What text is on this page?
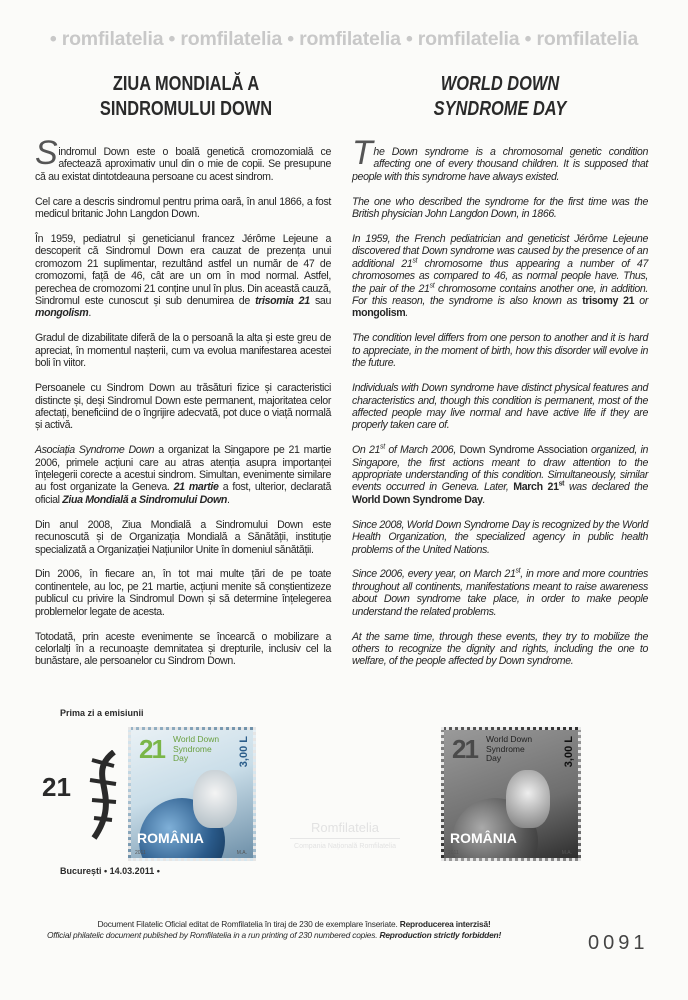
• romfilatelia • romfilatelia • romfilatelia • romfilatelia • romfilatelia
ZIUA MONDIALĂ A
SINDROMULUI DOWN
WORLD DOWN
SYNDROME DAY

Sindromul Down este o boală genetică cromozomială ce afectează aproximativ unul din o mie de copii. Se presupune că au existat dintotdeauna persoane cu acest sindrom.

Cel care a descris sindromul pentru prima oară, în anul 1866, a fost medicul britanic John Langdon Down.

În 1959, pediatrul și geneticianul francez Jérôme Lejeune a descoperit că Sindromul Down era cauzat de prezența unui cromozom 21 suplimentar, rezultând astfel un număr de 47 de cromozomi, față de 46, cât are un om în mod normal. Astfel, perechea de cromozomi 21 conține unul în plus. Din această cauză, Sindromul este cunoscut și sub denumirea de trisomia 21 sau mongolism.

Gradul de dizabilitate diferă de la o persoană la alta și este greu de apreciat, în momentul nașterii, cum va evolua manifestarea acestei boli în viitor.

Persoanele cu Sindrom Down au trăsături fizice și caracteristici distincte și, deși Sindromul Down este permanent, majoritatea celor afectați, beneficiind de o îngrijire adecvată, pot duce o viață normală și activă.

Asociația Syndrome Down a organizat la Singapore pe 21 martie 2006, primele acțiuni care au atras atenția asupra importanței înțelegerii corecte a acestui sindrom. Simultan, evenimente similare au fost organizate la Geneva. 21 martie a fost, ulterior, declarată oficial Ziua Mondială a Sindromului Down.

Din anul 2008, Ziua Mondială a Sindromului Down este recunoscută și de Organizația Mondială a Sănătății, instituție specializată a Organizației Națiunilor Unite în domeniul sănătății.

Din 2006, în fiecare an, în tot mai multe țări de pe toate continentele, au loc, pe 21 martie, acțiuni menite să conștientizeze publicul cu privire la Sindromul Down și să determine înțelegerea problemelor legate de acesta.

Totodată, prin aceste evenimente se încearcă o mobilizare a celorlalți în a recunoaște demnitatea și drepturile, inclusiv cel la bunăstare, ale persoanelor cu Sindrom Down.

The Down syndrome is a chromosomal genetic condition affecting one of every thousand children. It is supposed that people with this syndrome have always existed.

The one who described the syndrome for the first time was the British physician John Langdon Down, in 1866.

In 1959, the French pediatrician and geneticist Jérôme Lejeune discovered that Down syndrome was caused by the presence of an additional 21st chromosome thus appearing a number of 47 chromosomes as compared to 46, as normal people have. Thus, the pair of the 21st chromosome contains another one, in addition. For this reason, the syndrome is also known as trisomy 21 or mongolism.

The condition level differs from one person to another and it is hard to appreciate, in the moment of birth, how this disorder will evolve in the future.

Individuals with Down syndrome have distinct physical features and characteristics and, though this condition is permanent, most of the affected people may live normal and have active life if they are properly taken care of.

On 21st of March 2006, Down Syndrome Association organized, in Singapore, the first actions meant to draw attention to the appropriate understanding of this condition. Simultaneously, similar events occurred in Geneva. Later, March 21st was declared the World Down Syndrome Day.

Since 2008, World Down Syndrome Day is recognized by the World Health Organization, the specialized agency in public health problems of the United Nations.

Since 2006, every year, on March 21st, in more and more countries throughout all continents, manifestations meant to raise awareness about Down syndrome take place, in order to make people understand the related problems.

At the same time, through these events, they try to mobilize the others to recognize the dignity and rights, including the one to welfare, of the people affected by Down syndrome.

Prima zi a emisiunii
21
București • 14.03.2011 •
21 World Down Syndrome Day	3,00 L
ROMÂNIA
2011	M.A.
Romfilatelia
Compania Națională Romfilatelia
21 World Down Syndrome Day	3,00 L
ROMÂNIA
2011	M.A.
Document Filatelic Oficial editat de Romfilatelia în tiraj de 230 de exemplare înseriate. Reproducerea interzisă!
Official philatelic document published by Romfilatelia in a run printing of 230 numbered copies. Reproduction strictly forbidden!	0091
